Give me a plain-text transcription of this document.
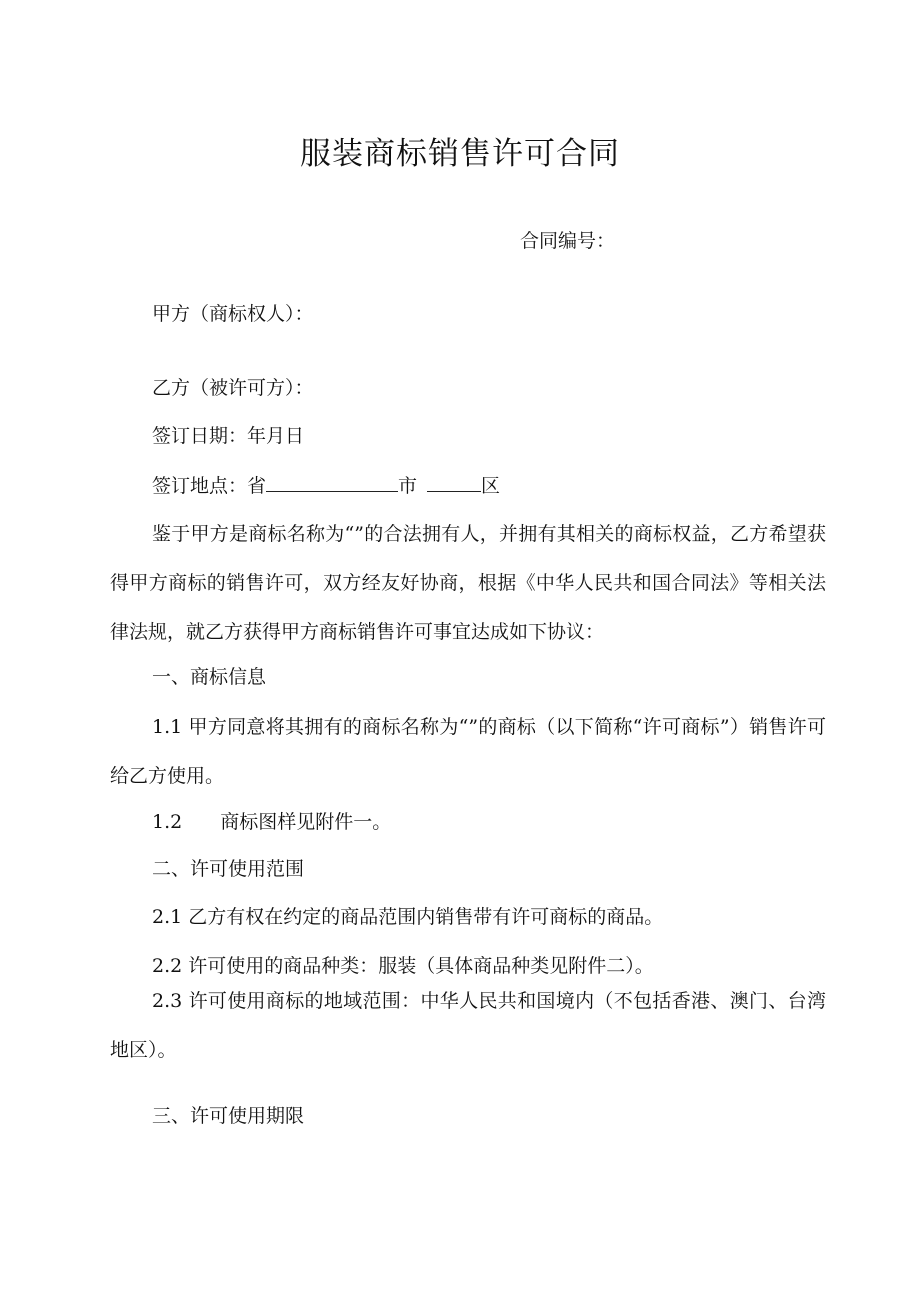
服装商标销售许可合同
合同编号：
甲方（商标权人）：
乙方（被许可方）：
签订日期：年月日
签订地点：省	市	区
鉴于甲方是商标名称为“”的合法拥有人，并拥有其相关的商标权益，乙方希望获得甲方商标的销售许可，双方经友好协商，根据《中华人民共和国合同法》等相关法律法规，就乙方获得甲方商标销售许可事宜达成如下协议：
一、商标信息
1.1 甲方同意将其拥有的商标名称为“”的商标（以下简称“许可商标”）销售许可给乙方使用。
1.2 商标图样见附件一。
二、许可使用范围
2.1 乙方有权在约定的商品范围内销售带有许可商标的商品。
2.2 许可使用的商品种类：服装（具体商品种类见附件二）。
2.3 许可使用商标的地域范围：中华人民共和国境内（不包括香港、澳门、台湾地区）。
三、许可使用期限
